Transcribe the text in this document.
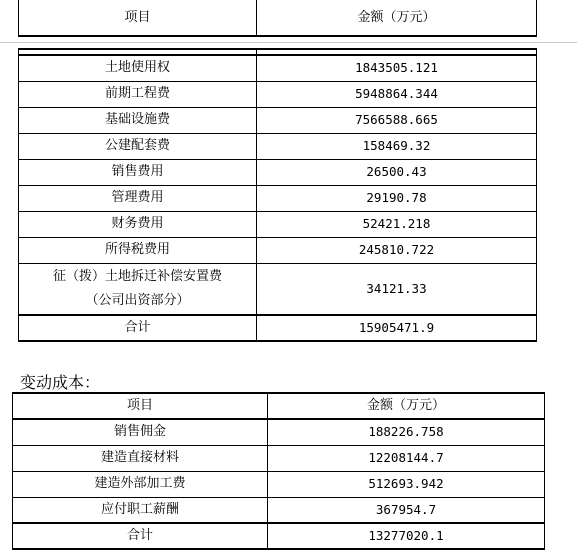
项目	金额（万元）

土地使用权	1843505.121
前期工程费	5948864.344
基础设施费	7566588.665
公建配套费	158469.32
销售费用	26500.43
管理费用	29190.78
财务费用	52421.218
所得税费用	245810.722

征（拨）土地拆迁补偿安置费
（公司出资部分）	34121.33
合计	15905471.9
变动成本：
项目	金额（万元）
销售佣金	188226.758
建造直接材料	12208144.7
建造外部加工费	512693.942
应付职工薪酬	367954.7
合计	13277020.1
